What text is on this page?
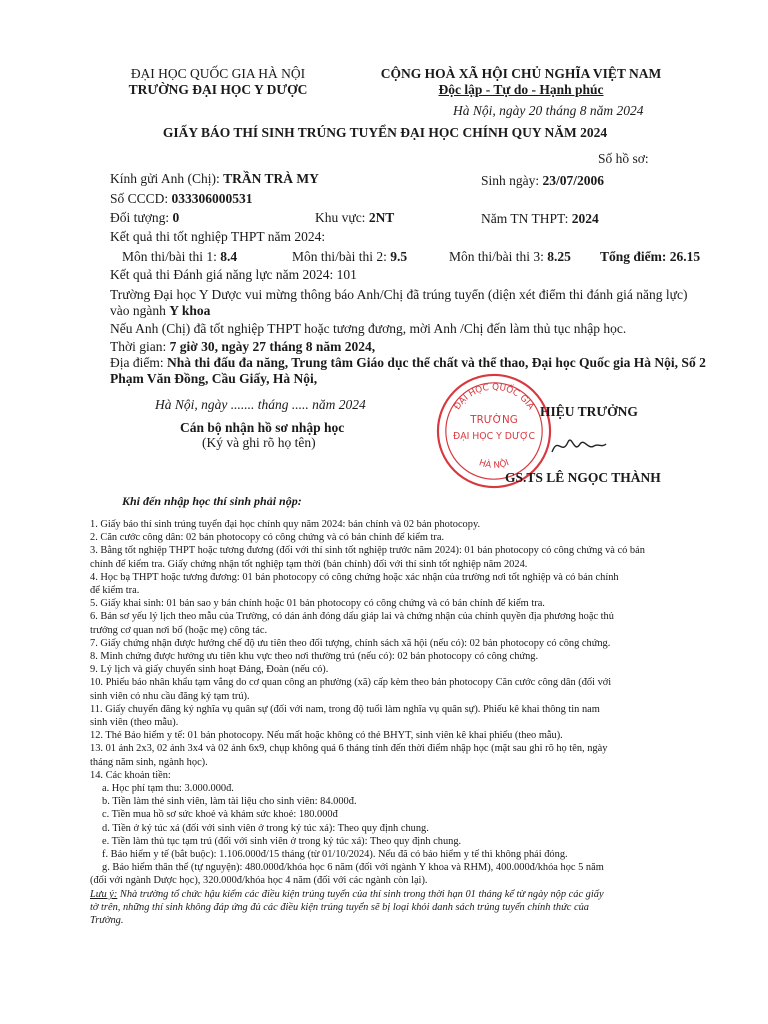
ĐẠI HỌC QUỐC GIA HÀ NỘI
TRƯỜNG ĐẠI HỌC Y DƯỢC
CỘNG HOÀ XÃ HỘI CHỦ NGHĨA VIỆT NAM
Độc lập - Tự do - Hạnh phúc
Hà Nội, ngày 20 tháng 8 năm 2024
GIẤY BÁO THÍ SINH TRÚNG TUYỂN ĐẠI HỌC CHÍNH QUY NĂM 2024
Số hồ sơ:
Kính gửi Anh (Chị): TRẦN TRÀ MY	Sinh ngày: 23/07/2006
Số CCCD: 033306000531
Đối tượng: 0	Khu vực: 2NT	Năm TN THPT: 2024
Kết quả thi tốt nghiệp THPT năm 2024:
Môn thi/bài thi 1: 8.4	Môn thi/bài thi 2: 9.5	Môn thi/bài thi 3: 8.25 Tổng điểm: 26.15
Kết quả thi Đánh giá năng lực năm 2024: 101
Trường Đại học Y Dược vui mừng thông báo Anh/Chị đã trúng tuyển (diện xét điểm thi đánh giá năng lực)
vào ngành Y khoa
Nếu Anh (Chị) đã tốt nghiệp THPT hoặc tương đương, mời Anh /Chị đến làm thủ tục nhập học.
Thời gian: 7 giờ 30, ngày 27 tháng 8 năm 2024,
Địa điểm: Nhà thi đấu đa năng, Trung tâm Giáo dục thể chất và thể thao, Đại học Quốc gia Hà Nội, Số 2
Phạm Văn Đồng, Cầu Giấy, Hà Nội,
Hà Nội, ngày ....... tháng ..... năm 2024
Cán bộ nhận hồ sơ nhập học
(Ký và ghi rõ họ tên)
ĐẠI HỌC QUỐC GIA
HÀ NỘI
TRƯỜNG
ĐẠI HỌC Y DƯỢC
HIỆU TRƯỞNG
GS.TS LÊ NGỌC THÀNH
Khi đến nhập học thí sinh phải nộp:
1. Giấy báo thí sinh trúng tuyển đại học chính quy năm 2024: bản chính và 02 bản photocopy.
2. Căn cước công dân: 02 bản photocopy có công chứng và có bản chính để kiểm tra.
3. Bằng tốt nghiệp THPT hoặc tương đương (đối với thí sinh tốt nghiệp trước năm 2024): 01 bản photocopy có công chứng và có bản
chính để kiểm tra. Giấy chứng nhận tốt nghiệp tạm thời (bản chính) đối với thí sinh tốt nghiệp năm 2024.
4. Học bạ THPT hoặc tương đương: 01 bản photocopy có công chứng hoặc xác nhận của trường nơi tốt nghiệp và có bản chính
để kiểm tra.
5. Giấy khai sinh: 01 bản sao y bản chính hoặc 01 bản photocopy có công chứng và có bản chính để kiểm tra.
6. Bản sơ yếu lý lịch theo mẫu của Trường, có dán ảnh đóng dấu giáp lai và chứng nhận của chính quyền địa phương hoặc thủ
trưởng cơ quan nơi bố (hoặc mẹ) công tác.
7. Giấy chứng nhận được hưởng chế độ ưu tiên theo đối tượng, chính sách xã hội (nếu có): 02 bản photocopy có công chứng.
8. Minh chứng được hưởng ưu tiên khu vực theo nơi thường trú (nếu có): 02 bản photocopy có công chứng.
9. Lý lịch và giấy chuyển sinh hoạt Đảng, Đoàn (nếu có).
10. Phiếu báo nhân khẩu tạm vắng do cơ quan công an phường (xã) cấp kèm theo bản photocopy Căn cước công dân (đối với
sinh viên có nhu cầu đăng ký tạm trú).
11. Giấy chuyển đăng ký nghĩa vụ quân sự (đối với nam, trong độ tuổi làm nghĩa vụ quân sự). Phiếu kê khai thông tin nam
sinh viên (theo mẫu).
12. Thẻ Bảo hiểm y tế: 01 bản photocopy. Nếu mất hoặc không có thẻ BHYT, sinh viên kê khai phiếu (theo mẫu).
13. 01 ảnh 2x3, 02 ảnh 3x4 và 02 ảnh 6x9, chụp không quá 6 tháng tính đến thời điểm nhập học (mặt sau ghi rõ họ tên, ngày
tháng năm sinh, ngành học).
14. Các khoản tiền:
a. Học phí tạm thu: 3.000.000đ.
b. Tiền làm thẻ sinh viên, làm tài liệu cho sinh viên: 84.000đ.
c. Tiền mua hồ sơ sức khoẻ và khám sức khoẻ: 180.000đ
d. Tiền ở ký túc xá (đối với sinh viên ở trong ký túc xá): Theo quy định chung.
e. Tiền làm thủ tục tạm trú (đối với sinh viên ở trong ký túc xá): Theo quy định chung.
f. Bảo hiểm y tế (bắt buộc): 1.106.000đ/15 tháng (từ 01/10/2024). Nếu đã có bảo hiểm y tế thì không phải đóng.
g. Bảo hiểm thân thể (tự nguyện): 480.000đ/khóa học 6 năm (đối với ngành Y khoa và RHM), 400.000đ/khóa học 5 năm
(đối với ngành Dược học), 320.000đ/khóa học 4 năm (đối với các ngành còn lại).
Lưu ý: Nhà trường tổ chức hậu kiểm các điều kiện trúng tuyển của thí sinh trong thời hạn 01 tháng kể từ ngày nộp các giấy
tờ trên, những thí sinh không đáp ứng đủ các điều kiện trúng tuyển sẽ bị loại khỏi danh sách trúng tuyển chính thức của
Trường.
